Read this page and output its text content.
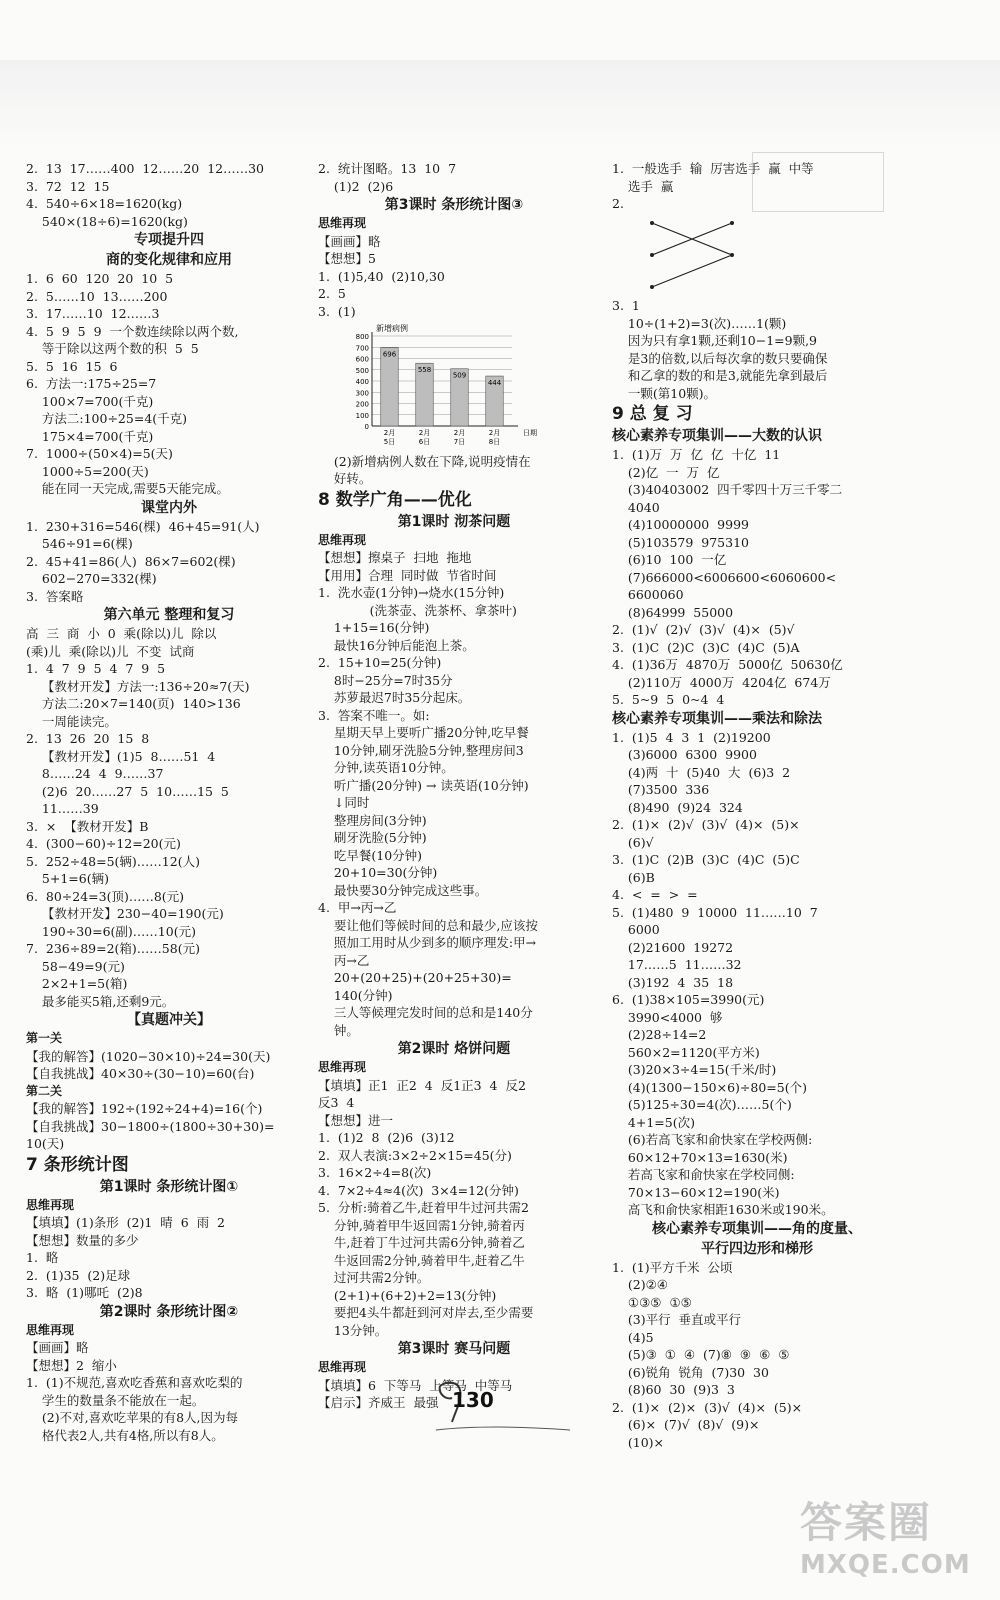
2.  13  17……400  12……20  12……30
3.  72  12  15
4.  540÷6×18=1620(kg)
540×(18÷6)=1620(kg)
专项提升四
商的变化规律和应用
1.  6  60  120  20  10  5
2.  5……10  13……200
3.  17……10  12……3
4.  5  9  5  9  一个数连续除以两个数,
等于除以这两个数的积  5  5
5.  5  16  15  6
6.  方法一:175÷25=7
100×7=700(千克)
方法二:100÷25=4(千克)
175×4=700(千克)
7.  1000÷(50×4)=5(天)
1000÷5=200(天)
能在同一天完成,需要5天能完成。
课堂内外
1.  230+316=546(棵)  46+45=91(人)
546÷91=6(棵)
2.  45+41=86(人)  86×7=602(棵)
602−270=332(棵)
3.  答案略
第六单元 整理和复习
高  三  商  小  0  乘(除以)儿  除以
(乘)儿  乘(除以)儿  不变  试商
1.  4  7  9  5  4  7  9  5
【教材开发】方法一:136÷20≈7(天)
方法二:20×7=140(页)  140>136
一周能读完。
2.  13  26  20  15  8
【教材开发】(1)5  8……51  4
8……24  4  9……37
(2)6  20……27  5  10……15  5
11……39
3.  ×  【教材开发】B
4.  (300−60)÷12=20(元)
5.  252÷48=5(辆)……12(人)
5+1=6(辆)
6.  80÷24=3(顶)……8(元)
【教材开发】230−40=190(元)
190÷30=6(副)……10(元)
7.  236÷89=2(箱)……58(元)
58−49=9(元)
2×2+1=5(箱)
最多能买5箱,还剩9元。
【真题冲关】
第一关
【我的解答】(1020−30×10)÷24=30(天)
【自我挑战】40×30÷(30−10)=60(台)
第二关
【我的解答】192÷(192÷24+4)=16(个)
【自我挑战】30−1800÷(1800÷30+30)=
10(天)
7 条形统计图
第1课时 条形统计图①
思维再现
【填填】(1)条形  (2)1  晴  6  雨  2
【想想】数量的多少
1.  略
2.  (1)35  (2)足球
3.  略  (1)哪吒  (2)8
第2课时 条形统计图②
思维再现
【画画】略
【想想】2  缩小
1.  (1)不规范,喜欢吃香蕉和喜欢吃梨的
学生的数量条不能放在一起。
(2)不对,喜欢吃苹果的有8人,因为每
格代表2人,共有4格,所以有8人。
2.  统计图略。13  10  7
(1)2  (2)6
第3课时 条形统计图③
思维再现
【画画】略
【想想】5
1.  (1)5,40  (2)10,30
2.  5
3.  (1)
新增病例
0
100
200
300
400
500
600
700
800
696
2月
5日
558
2月
6日
509
2月
7日
444
2月
8日
日期
(2)新增病例人数在下降,说明疫情在
好转。
8 数学广角——优化
第1课时 沏茶问题
思维再现
【想想】擦桌子  扫地  拖地
【用用】合理  同时做  节省时间
1.  洗水壶(1分钟)→烧水(15分钟)
(洗茶壶、洗茶杯、拿茶叶)
1+15=16(分钟)
最快16分钟后能泡上茶。
2.  15+10=25(分钟)
8时−25分=7时35分
苏萝最迟7时35分起床。
3.  答案不唯一。如:
星期天早上要听广播20分钟,吃早餐
10分钟,刷牙洗脸5分钟,整理房间3
分钟,读英语10分钟。
听广播(20分钟) → 读英语(10分钟)
↓同时
整理房间(3分钟)
刷牙洗脸(5分钟)
吃早餐(10分钟)
20+10=30(分钟)
最快要30分钟完成这些事。
4.  甲→丙→乙
要让他们等候时间的总和最少,应该按
照加工用时从少到多的顺序理发:甲→
丙→乙
20+(20+25)+(20+25+30)=
140(分钟)
三人等候理完发时间的总和是140分
钟。
第2课时 烙饼问题
思维再现
【填填】正1  正2  4  反1正3  4  反2
反3  4
【想想】进一
1.  (1)2  8  (2)6  (3)12
2.  双人表演:3×2÷2×15=45(分)
3.  16×2÷4=8(次)
4.  7×2÷4≈4(次)  3×4=12(分钟)
5.  分析:骑着乙牛,赶着甲牛过河共需2
分钟,骑着甲牛返回需1分钟,骑着丙
牛,赶着丁牛过河共需6分钟,骑着乙
牛返回需2分钟,骑着甲牛,赶着乙牛
过河共需2分钟。
(2+1)+(6+2)+2=13(分钟)
要把4头牛都赶到河对岸去,至少需要
13分钟。
第3课时 赛马问题
思维再现
【填填】6  下等马  上等马  中等马
【启示】齐威王  最强
1.  一般选手  输  厉害选手  赢  中等
选手  赢
2.
3.  1
10÷(1+2)=3(次)……1(颗)
因为只有拿1颗,还剩10−1=9颗,9
是3的倍数,以后每次拿的数只要确保
和乙拿的数的和是3,就能先拿到最后
一颗(第10颗)。
9 总 复 习
核心素养专项集训——大数的认识
1.  (1)万  万  亿  亿  十亿  11
(2)亿  一  万  亿
(3)40403002  四千零四十万三千零二
4040
(4)10000000  9999
(5)103579  975310
(6)10  100  一亿
(7)666000<6006600<6060600<
6600060
(8)64999  55000
2.  (1)√  (2)√  (3)√  (4)×  (5)√
3.  (1)C  (2)C  (3)C  (4)C  (5)A
4.  (1)36万  4870万  5000亿  50630亿
(2)110万  4000万  4204亿  674万
5.  5~9  5  0~4  4
核心素养专项集训——乘法和除法
1.  (1)5  4  3  1  (2)19200
(3)6000  6300  9900
(4)两  十  (5)40  大  (6)3  2
(7)3500  336
(8)490  (9)24  324
2.  (1)×  (2)√  (3)√  (4)×  (5)×
(6)√
3.  (1)C  (2)B  (3)C  (4)C  (5)C
(6)B
4.  <  =  >  =
5.  (1)480  9  10000  11……10  7
6000
(2)21600  19272
17……5  11……32
(3)192  4  35  18
6.  (1)38×105=3990(元)
3990<4000  够
(2)28÷14=2
560×2=1120(平方米)
(3)20×3÷4=15(千米/时)
(4)(1300−150×6)÷80=5(个)
(5)125÷30=4(次)……5(个)
4+1=5(次)
(6)若高飞家和俞快家在学校两侧:
60×12+70×13=1630(米)
若高飞家和俞快家在学校同侧:
70×13−60×12=190(米)
高飞和俞快家相距1630米或190米。
核心素养专项集训——角的度量、
平行四边形和梯形
1.  (1)平方千米  公顷
(2)②④
①③⑤  ①⑤
(3)平行  垂直或平行
(4)5
(5)③  ①  ④  (7)⑧  ⑨  ⑥  ⑤
(6)锐角  锐角  (7)30  30
(8)60  30  (9)3  3
2.  (1)×  (2)×  (3)√  (4)×  (5)×
(6)×  (7)√  (8)√  (9)×
(10)×
130
答案圈
MXQE.COM
